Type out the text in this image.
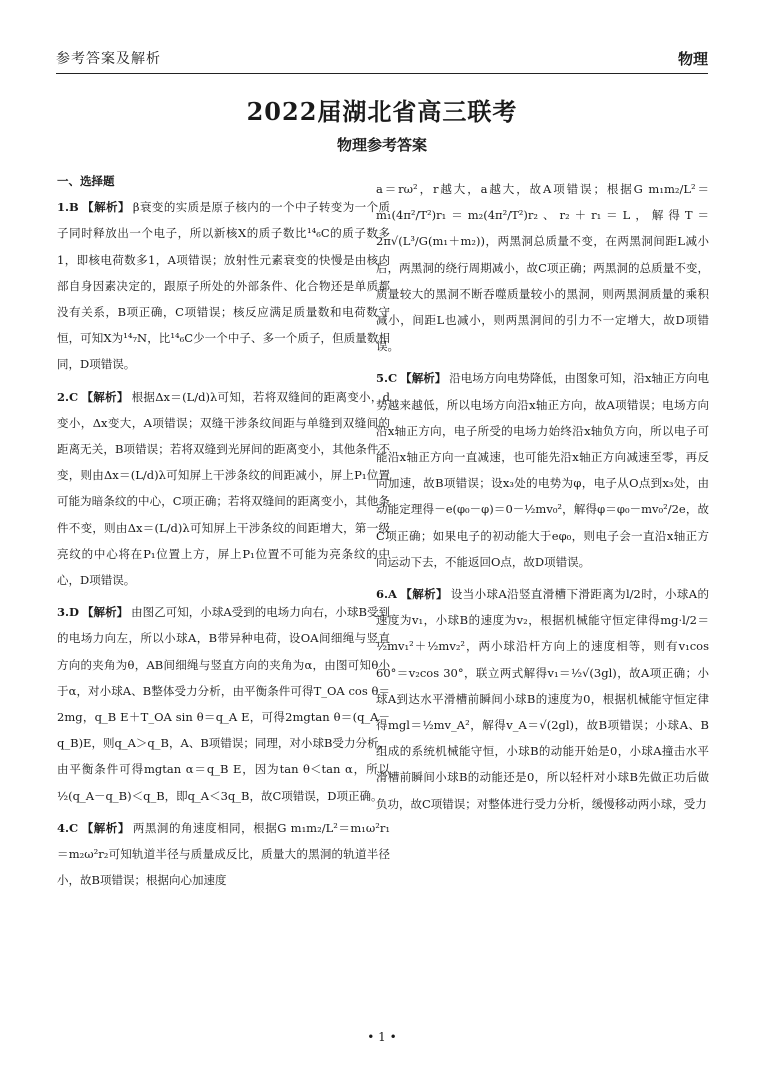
参考答案及解析	物理
2022届湖北省高三联考
物理参考答案
一、选择题

1.B 【解析】 β衰变的实质是原子核内的一个中子转变为一个质子同时释放出一个电子，所以新核X的质子数比¹⁴₆C的质子数多1，即核电荷数多1，A项错误；放射性元素衰变的快慢是由核内部自身因素决定的，跟原子所处的外部条件、化合物还是单质都没有关系，B项正确，C项错误；核反应满足质量数和电荷数守恒，可知X为¹⁴₇N，比¹⁴₆C少一个中子、多一个质子，但质量数相同，D项错误。

2.C 【解析】 根据Δx＝(L/d)λ可知，若将双缝间的距离变小，d变小，Δx变大，A项错误；双缝干涉条纹间距与单缝到双缝间的距离无关，B项错误；若将双缝到光屏间的距离变小，其他条件不变，则由Δx＝(L/d)λ可知屏上干涉条纹的间距减小，屏上P₁位置可能为暗条纹的中心，C项正确；若将双缝间的距离变小，其他条件不变，则由Δx＝(L/d)λ可知屏上干涉条纹的间距增大，第一级亮纹的中心将在P₁位置上方，屏上P₁位置不可能为亮条纹的中心，D项错误。

3.D 【解析】 由图乙可知，小球A受到的电场力向右，小球B受到的电场力向左，所以小球A，B带异种电荷，设OA间细绳与竖直方向的夹角为θ，AB间细绳与竖直方向的夹角为α，由图可知θ小于α，对小球A、B整体受力分析，由平衡条件可得T_OA cos θ＝2mg，q_B E＋T_OA sin θ＝q_A E，可得2mgtan θ＝(q_A－q_B)E，则q_A＞q_B，A、B项错误；同理，对小球B受力分析，由平衡条件可得mgtan α＝q_B E，因为tan θ＜tan α，所以½(q_A－q_B)＜q_B，即q_A＜3q_B，故C项错误，D项正确。

4.C 【解析】 两黑洞的角速度相同，根据G m₁m₂/L²＝m₁ω²r₁＝m₂ω²r₂可知轨道半径与质量成反比，质量大的黑洞的轨道半径小，故B项错误；根据向心加速度

a＝rω²，r越大，a越大，故A项错误；根据G m₁m₂/L²＝m₁(4π²/T²)r₁＝m₂(4π²/T²)r₂、r₂＋r₁＝L，解得T＝2π√(L³/G(m₁＋m₂))，两黑洞总质量不变，在两黑洞间距L减小后，两黑洞的绕行周期减小，故C项正确；两黑洞的总质量不变，质量较大的黑洞不断吞噬质量较小的黑洞，则两黑洞质量的乘积减小，间距L也减小，则两黑洞间的引力不一定增大，故D项错误。

5.C 【解析】 沿电场方向电势降低，由图象可知，沿x轴正方向电势越来越低，所以电场方向沿x轴正方向，故A项错误；电场方向沿x轴正方向，电子所受的电场力始终沿x轴负方向，所以电子可能沿x轴正方向一直减速，也可能先沿x轴正方向减速至零，再反向加速，故B项错误；设x₃处的电势为φ，电子从O点到x₃处，由动能定理得－e(φ₀－φ)＝0－½mv₀²，解得φ＝φ₀－mv₀²/2e，故C项正确；如果电子的初动能大于eφ₀，则电子会一直沿x轴正方向运动下去，不能返回O点，故D项错误。

6.A 【解析】 设当小球A沿竖直滑槽下滑距离为l/2时，小球A的速度为v₁，小球B的速度为v₂，根据机械能守恒定律得mg·l/2＝½mv₁²＋½mv₂²，两小球沿杆方向上的速度相等，则有v₁cos 60°＝v₂cos 30°，联立两式解得v₁＝½√(3gl)，故A项正确；小球A到达水平滑槽前瞬间小球B的速度为0，根据机械能守恒定律得mgl＝½mv_A²，解得v_A＝√(2gl)，故B项错误；小球A、B组成的系统机械能守恒，小球B的动能开始是0，小球A撞击水平滑槽前瞬间小球B的动能还是0，所以轻杆对小球B先做正功后做负功，故C项错误；对整体进行受力分析，缓慢移动两小球，受力

• 1 •
